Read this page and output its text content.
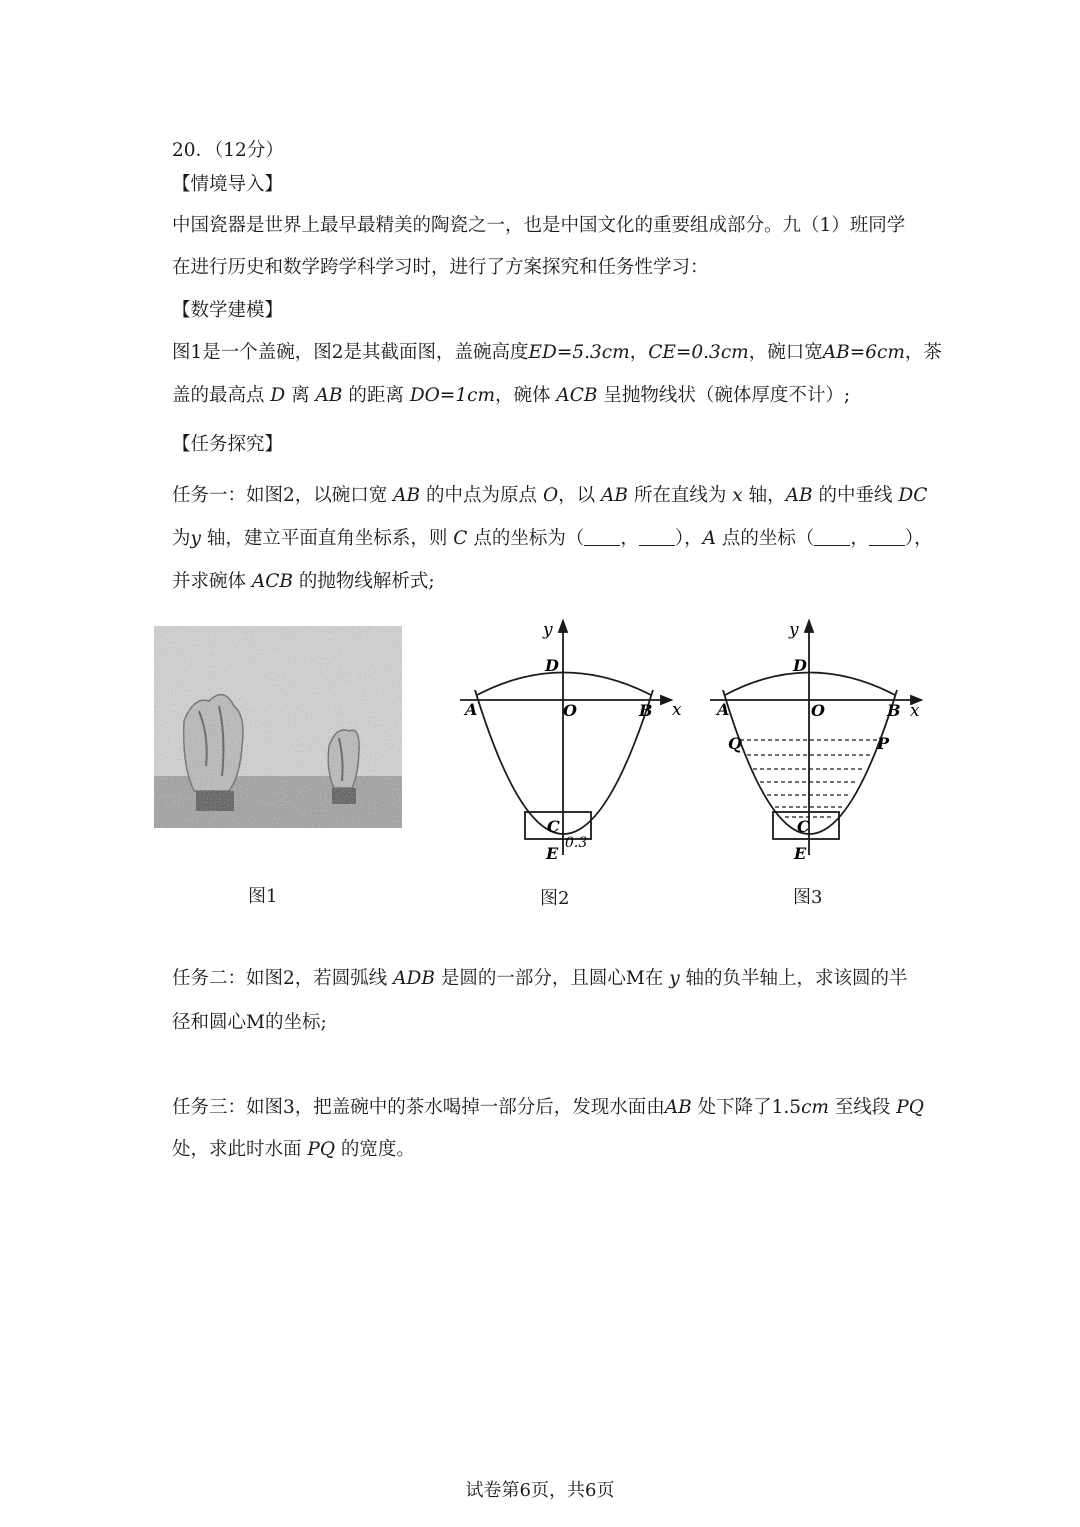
20．（12分）
【情境导入】
中国瓷器是世界上最早最精美的陶瓷之一，也是中国文化的重要组成部分。九（1）班同学
在进行历史和数学跨学科学习时，进行了方案探究和任务性学习：
【数学建模】
图1是一个盖碗，图2是其截面图，盖碗高度ED=5.3cm，CE=0.3cm，碗口宽AB=6cm，茶
盖的最高点 D 离 AB 的距离 DO=1cm，碗体 ACB 呈抛物线状（碗体厚度不计）;
【任务探究】
任务一：如图2，以碗口宽 AB 的中点为原点 O，以 AB 所在直线为 x 轴，AB 的中垂线 DC
为y 轴，建立平面直角坐标系，则 C 点的坐标为（ ， ），A 点的坐标（ ， ），
并求碗体 ACB 的抛物线解析式;
y
x
D
A	O	B
C
E
0.3
y
x
D
A	O	B
Q	P
C
E
图1	图2	图3
任务二：如图2，若圆弧线 ADB 是圆的一部分，且圆心M在 y 轴的负半轴上，求该圆的半
径和圆心M的坐标;
任务三：如图3，把盖碗中的茶水喝掉一部分后，发现水面由AB 处下降了1.5cm 至线段 PQ
处，求此时水面 PQ 的宽度。
试卷第6页，共6页
